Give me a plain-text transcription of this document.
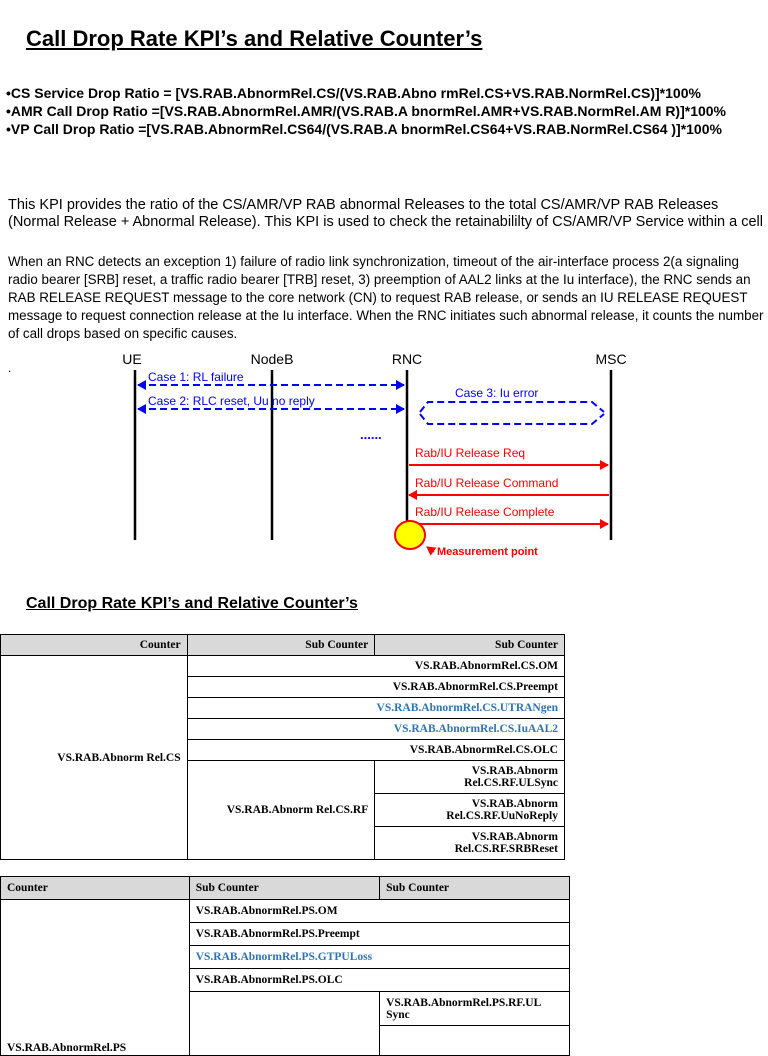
Call Drop Rate KPI’s and Relative Counter’s

•CS Service Drop Ratio = [VS.RAB.AbnormRel.CS/(VS.RAB.Abno rmRel.CS+VS.RAB.NormRel.CS)]*100%

•AMR Call Drop Ratio =[VS.RAB.AbnormRel.AMR/(VS.RAB.A bnormRel.AMR+VS.RAB.NormRel.AM R)]*100%

•VP Call Drop Ratio =[VS.RAB.AbnormRel.CS64/(VS.RAB.A bnormRel.CS64+VS.RAB.NormRel.CS64 )]*100%

This KPI provides the ratio of the CS/AMR/VP RAB abnormal Releases to the total CS/AMR/VP RAB Releases (Normal Release + Abnormal Release). This KPI is used to check the retainabililty of CS/AMR/VP Service within a cell
When an RNC detects an exception 1) failure of radio link synchronization, timeout of the air-interface process 2(a signaling radio bearer [SRB] reset, a traffic radio bearer [TRB] reset, 3) preemption of AAL2 links at the Iu interface), the RNC sends an RAB RELEASE REQUEST message to the core network (CN) to request RAB release, or sends an IU RELEASE REQUEST message to request connection release at the Iu interface. When the RNC initiates such abnormal release, it counts the number of call drops based on specific causes.
.
UE	NodeB	RNC	MSC
Case 1: RL failure
Case 2: RLC reset, Uu no reply
Case 3: Iu error
......
Rab/IU Release Req
Rab/IU Release Command
Rab/IU Release Complete
Measurement point
Call Drop Rate KPI’s and Relative Counter’s
Counter	Sub Counter	Sub Counter
VS.RAB.Abnorm Rel.CS	VS.RAB.AbnormRel.CS.OM	
	VS.RAB.AbnormRel.CS.Preempt	
	VS.RAB.AbnormRel.CS.UTRANgen	
	VS.RAB.AbnormRel.CS.IuAAL2	
	VS.RAB.AbnormRel.CS.OLC	
	VS.RAB.Abnorm Rel.CS.RF	VS.RAB.Abnorm Rel.CS.RF.ULSync
		VS.RAB.Abnorm Rel.CS.RF.UuNoReply
		VS.RAB.Abnorm Rel.CS.RF.SRBReset
Counter	Sub Counter	Sub Counter
VS.RAB.AbnormRel.PS	VS.RAB.AbnormRel.PS.OM	
	VS.RAB.AbnormRel.PS.Preempt	
	VS.RAB.AbnormRel.PS.GTPULoss	
	VS.RAB.AbnormRel.PS.OLC	
		VS.RAB.AbnormRel.PS.RF.UL Sync
